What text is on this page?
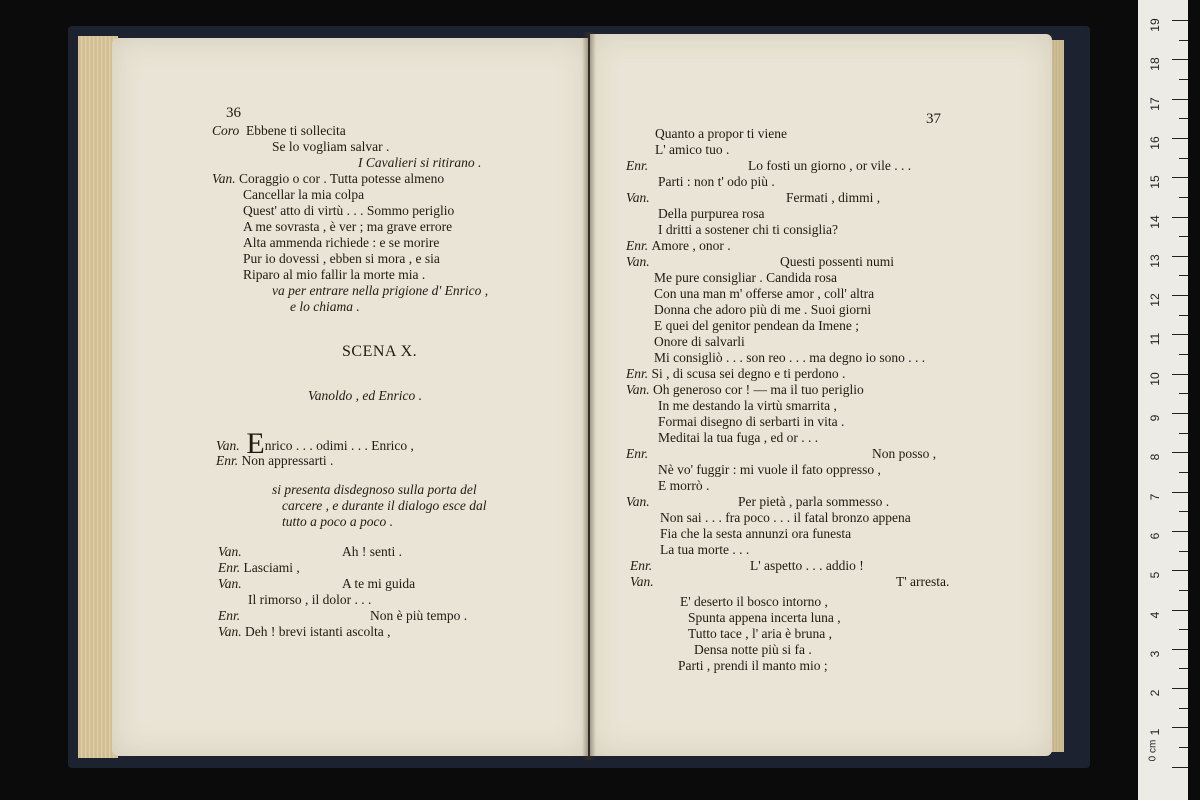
36
Coro Ebbene ti sollecita
Se lo vogliam salvar .
I Cavalieri si ritirano .
Van. Coraggio o cor . Tutta potesse almeno
Cancellar la mia colpa
Quest' atto di virtù . . . Sommo periglio
A me sovrasta , è ver ; ma grave errore
Alta ammenda richiede : e se morire
Pur io dovessi , ebben si mora , e sia
Riparo al mio fallir la morte mia .
va per entrare nella prigione d' Enrico ,
e lo chiama .
SCENA X.
Vanoldo , ed Enrico .
Van. Enrico . . . odimi . . . Enrico ,
Enr. Non appressarti .
si presenta disdegnoso sulla porta del
carcere , e durante il dialogo esce dal
tutto a poco a poco .
Van.	Ah ! senti .
Enr. Lasciami ,
Van.	A te mi guida
Il rimorso , il dolor . . .
Enr.	Non è più tempo .
Van. Deh ! brevi istanti ascolta ,
37
Quanto a propor ti viene
L' amico tuo .
Enr.	Lo fosti un giorno , or vile . . .
Parti : non t' odo più .
Van.	Fermati , dimmi ,
Della purpurea rosa
I dritti a sostener chi ti consiglia?
Enr. Amore , onor .
Van.	Questi possenti numi
Me pure consigliar . Candida rosa
Con una man m' offerse amor , coll' altra
Donna che adoro più di me . Suoi giorni
E quei del genitor pendean da Imene ;
Onore di salvarli
Mi consigliò . . . son reo . . . ma degno io sono . . .
Enr. Si , di scusa sei degno e ti perdono .
Van. Oh generoso cor ! — ma il tuo periglio
In me destando la virtù smarrita ,
Formai disegno di serbarti in vita .
Meditai la tua fuga , ed or . . .
Enr.	Non posso ,
Nè vo' fuggir : mi vuole il fato oppresso ,
E morrò .
Van.	Per pietà , parla sommesso .
Non sai . . . fra poco . . . il fatal bronzo appena
Fia che la sesta annunzi ora funesta
La tua morte . . .
Enr.	L' aspetto . . . addio !
Van.	T' arresta.
E' deserto il bosco intorno ,
Spunta appena incerta luna ,
Tutto tace , l' aria è bruna ,
Densa notte più si fa .
Parti , prendi il manto mio ;
0 cm
19
18
17
16
15
14
13
12
11
10
9
8
7
6
5
4
3
2
1
